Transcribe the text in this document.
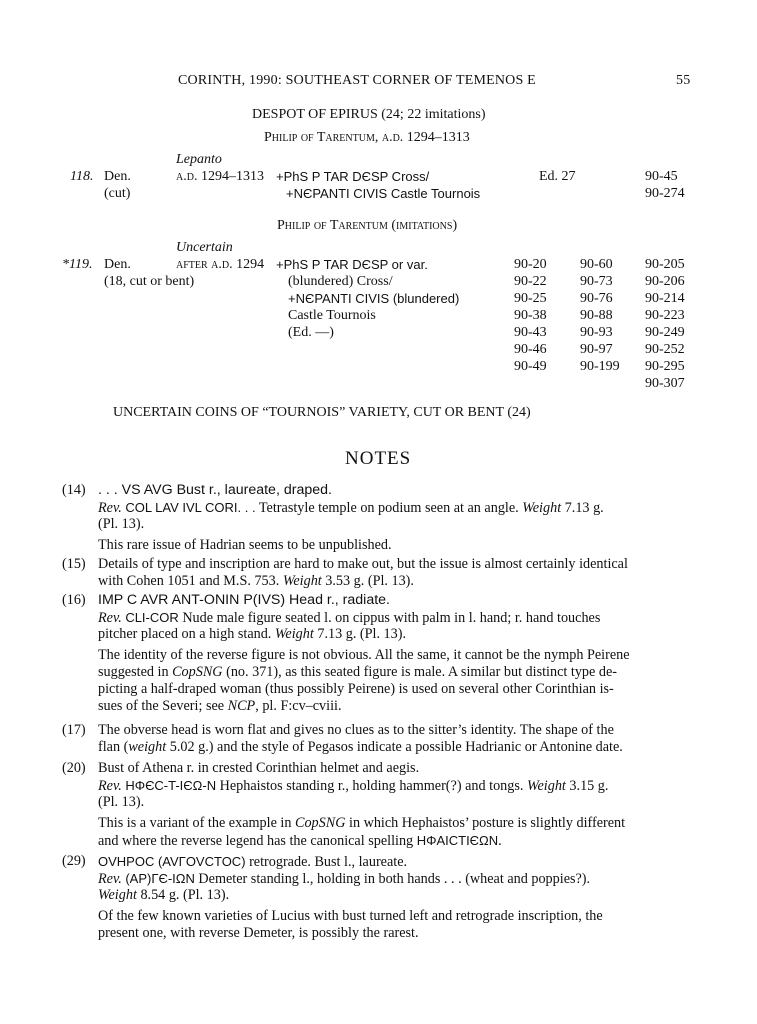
CORINTH, 1990: SOUTHEAST CORNER OF TEMENOS E	55
DESPOT OF EPIRUS (24; 22 imitations)
Philip of Tarentum, a.d. 1294–1313
Lepanto
118. Den.
(cut)
a.d. 1294–1313 +PhS P TAR DЄSP Cross/
+NЄPANTI CIVIS Castle Tournois
Ed. 27	90-45
90-274
Philip of Tarentum (imitations)
Uncertain
*119. Den.
(18, cut or bent)
after a.d. 1294 +PhS P TAR DЄSP or var.
(blundered) Cross/
+NЄPANTI CIVIS (blundered)
Castle Tournois
(Ed. —)
90-20
90-22
90-25
90-38
90-43
90-46
90-49
90-60
90-73
90-76
90-88
90-93
90-97
90-199
90-205
90-206
90-214
90-223
90-249
90-252
90-295
90-307
UNCERTAIN COINS OF “TOURNOIS” VARIETY, CUT OR BENT (24)
NOTES
(14) . . . VS AVG Bust r., laureate, draped.
Rev. COL LAV IVL CORI. . . Tetrastyle temple on podium seen at an angle. Weight 7.13 g.
(Pl. 13).
This rare issue of Hadrian seems to be unpublished.
(15) Details of type and inscription are hard to make out, but the issue is almost certainly identical
with Cohen 1051 and M.S. 753. Weight 3.53 g. (Pl. 13).
(16) IMP C AVR ANT-ONIN P(IVS) Head r., radiate.
Rev. CLI-COR Nude male figure seated l. on cippus with palm in l. hand; r. hand touches
pitcher placed on a high stand. Weight 7.13 g. (Pl. 13).
The identity of the reverse figure is not obvious. All the same, it cannot be the nymph Peirene
suggested in CopSNG (no. 371), as this seated figure is male. A similar but distinct type de-
picting a half-draped woman (thus possibly Peirene) is used on several other Corinthian is-
sues of the Severi; see NCP, pl. F:cv–cviii.
(17) The obverse head is worn flat and gives no clues as to the sitter’s identity. The shape of the
flan (weight 5.02 g.) and the style of Pegasos indicate a possible Hadrianic or Antonine date.
(20) Bust of Athena r. in crested Corinthian helmet and aegis.
Rev. HΦЄC-T-IЄΩ-N Hephaistos standing r., holding hammer(?) and tongs. Weight 3.15 g.
(Pl. 13).
This is a variant of the example in CopSNG in which Hephaistos’ posture is slightly different
and where the reverse legend has the canonical spelling HΦAICTIЄΩN.
(29) OVHPOC (AVΓOVCTOC) retrograde. Bust l., laureate.
Rev. (AP)ΓЄ-IΩN Demeter standing l., holding in both hands . . . (wheat and poppies?).
Weight 8.54 g. (Pl. 13).
Of the few known varieties of Lucius with bust turned left and retrograde inscription, the
present one, with reverse Demeter, is possibly the rarest.
